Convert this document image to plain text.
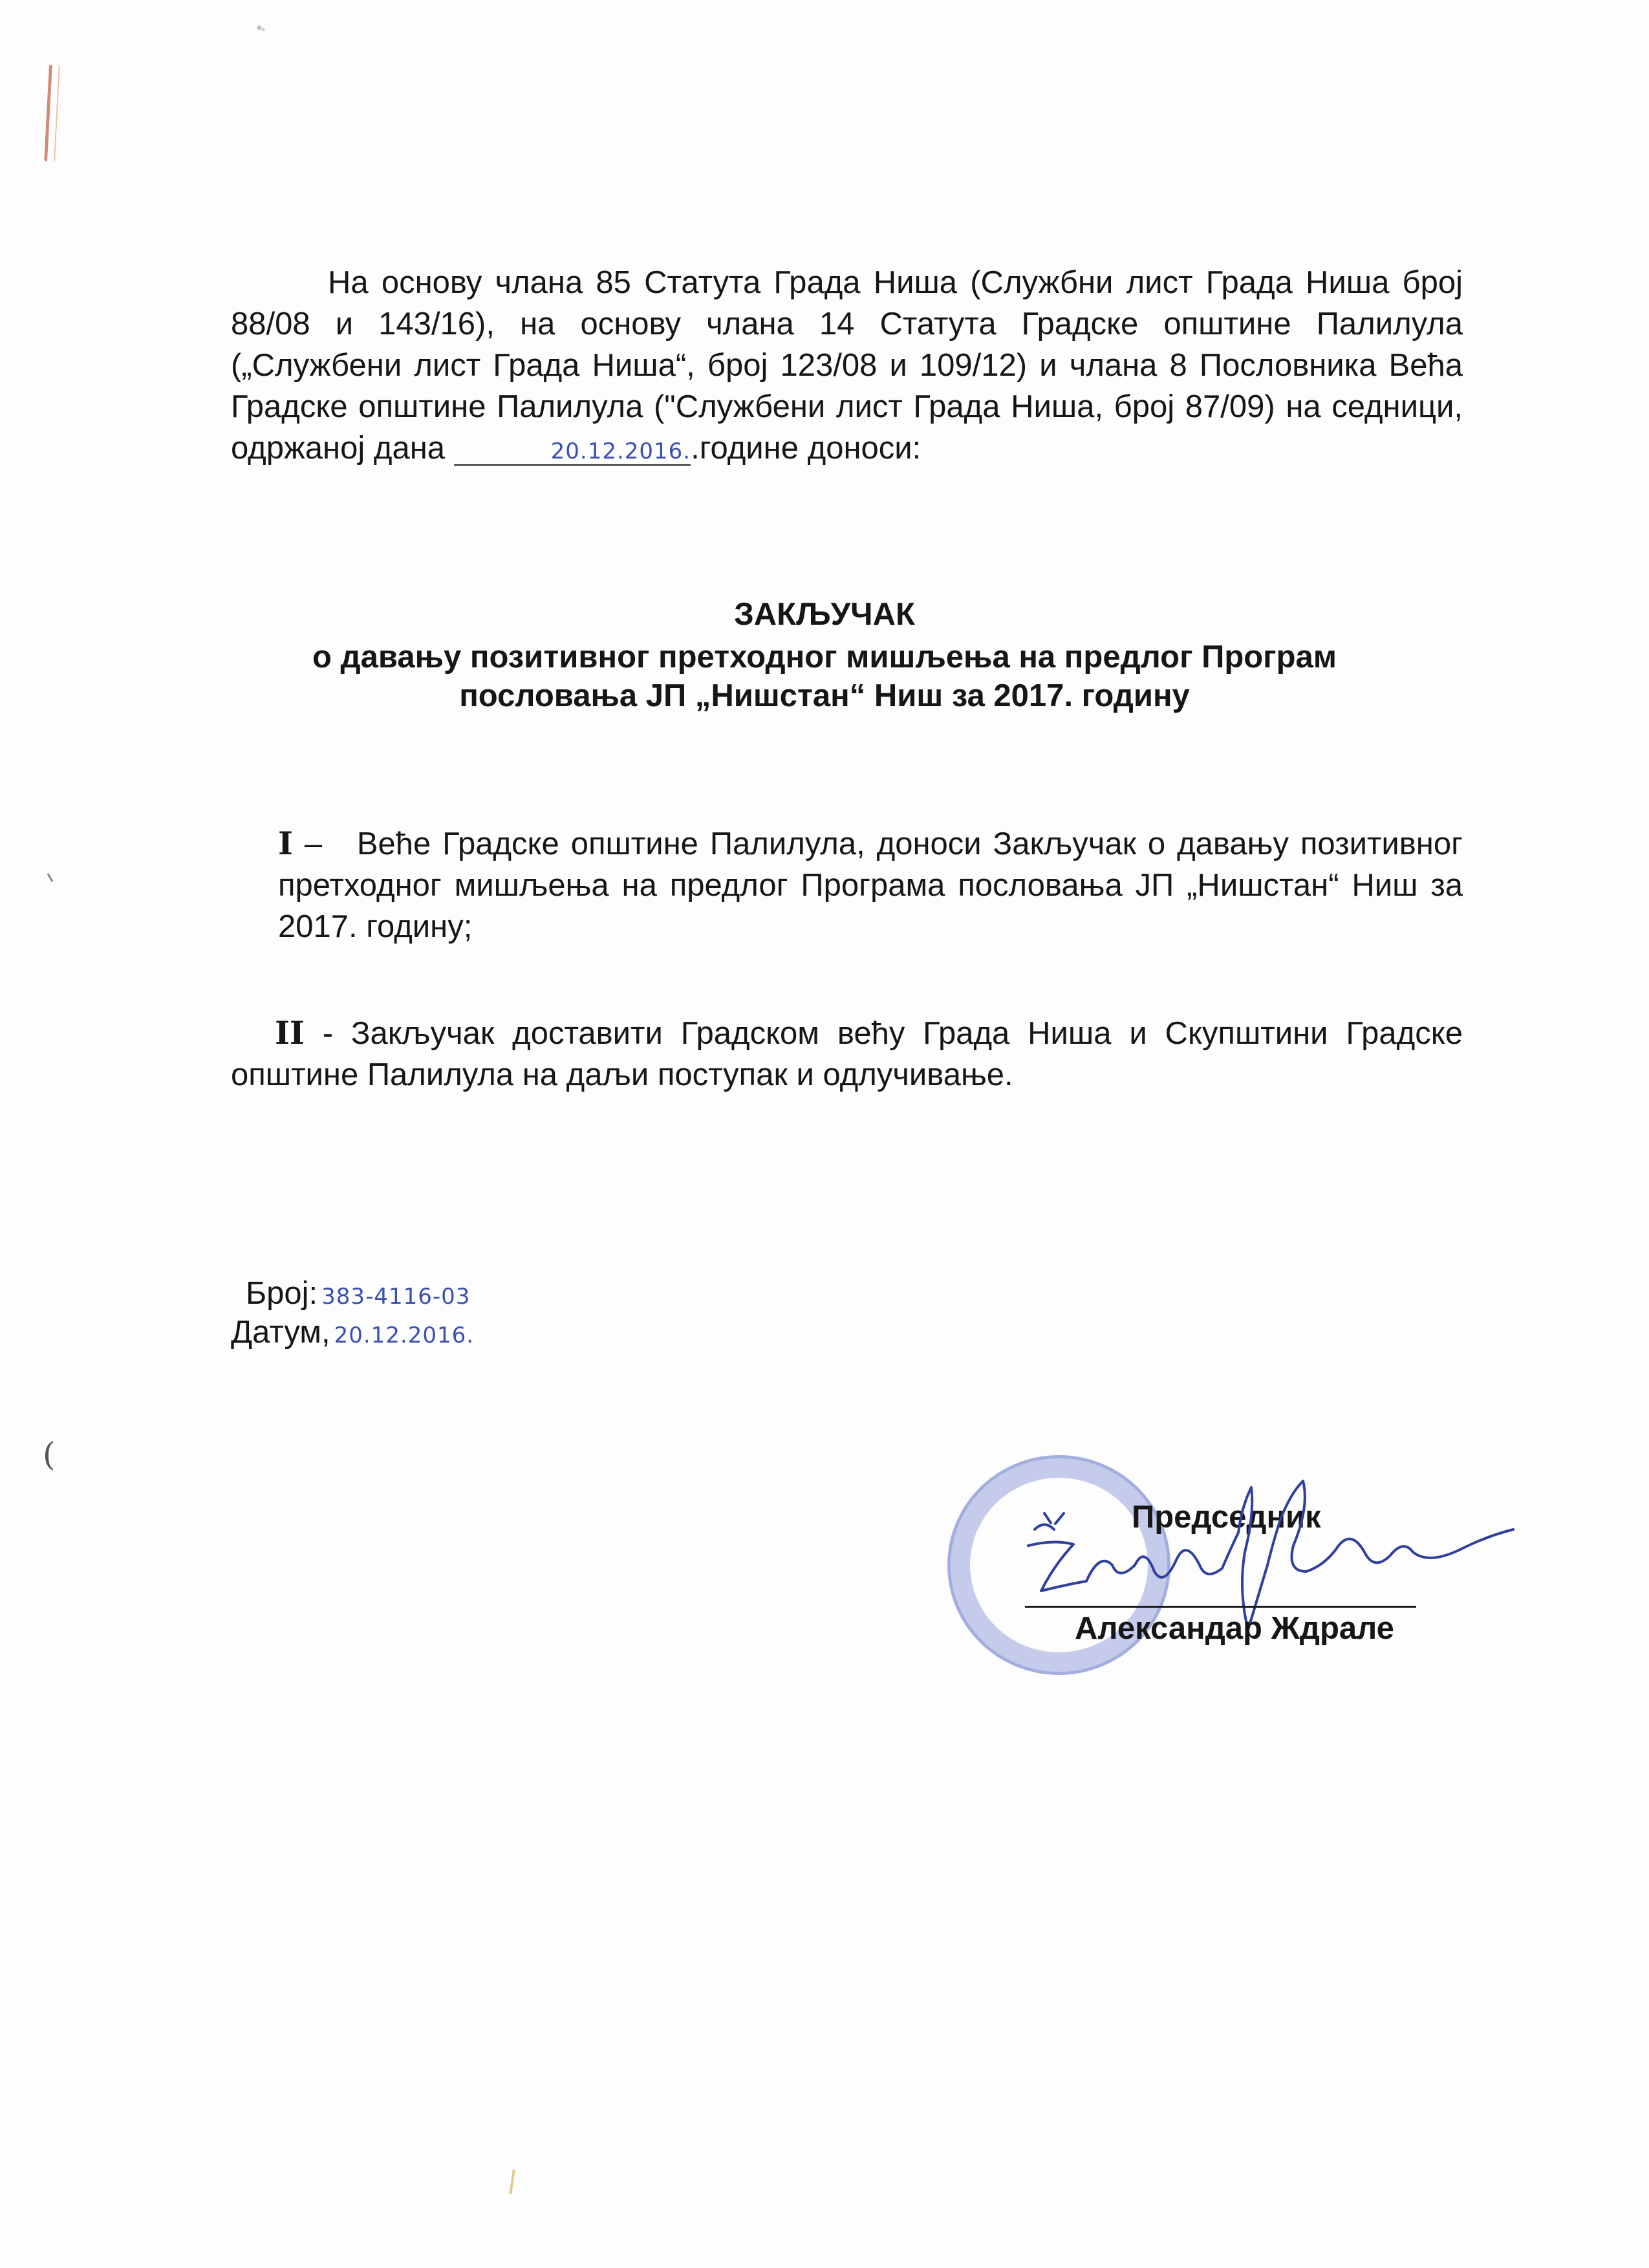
(

На основу члана 85 Статута Града Ниша (Службни лист Града Ниша број 88/08 и 143/16), на основу члана 14 Статута Градске општине Палилула („Службени лист Града Ниша“, број 123/08 и 109/12) и члана 8 Пословника Већа Градске општине Палилула ("Службени лист Града Ниша, број 87/09) на седници, одржаној дана	20.12.2016..године доноси:

ЗАКЉУЧАК
о давању позитивног претходног мишљења на предлог Програм
пословања ЈП „Нишстан“ Ниш за 2017. годину

I –   Веће Градске општине Палилула, доноси Закључак о давању позитивног претходног мишљења на предлог Програма пословања ЈП „Нишстан“ Ниш за 2017. годину;

II - Закључак доставити Градском већу Града Ниша и Скупштини Градске општине Палилула на даљи поступак и одлучивање.

Број: 383-4116-03
Датум, 20.12.2016.
Председник
Александар Ждрале
